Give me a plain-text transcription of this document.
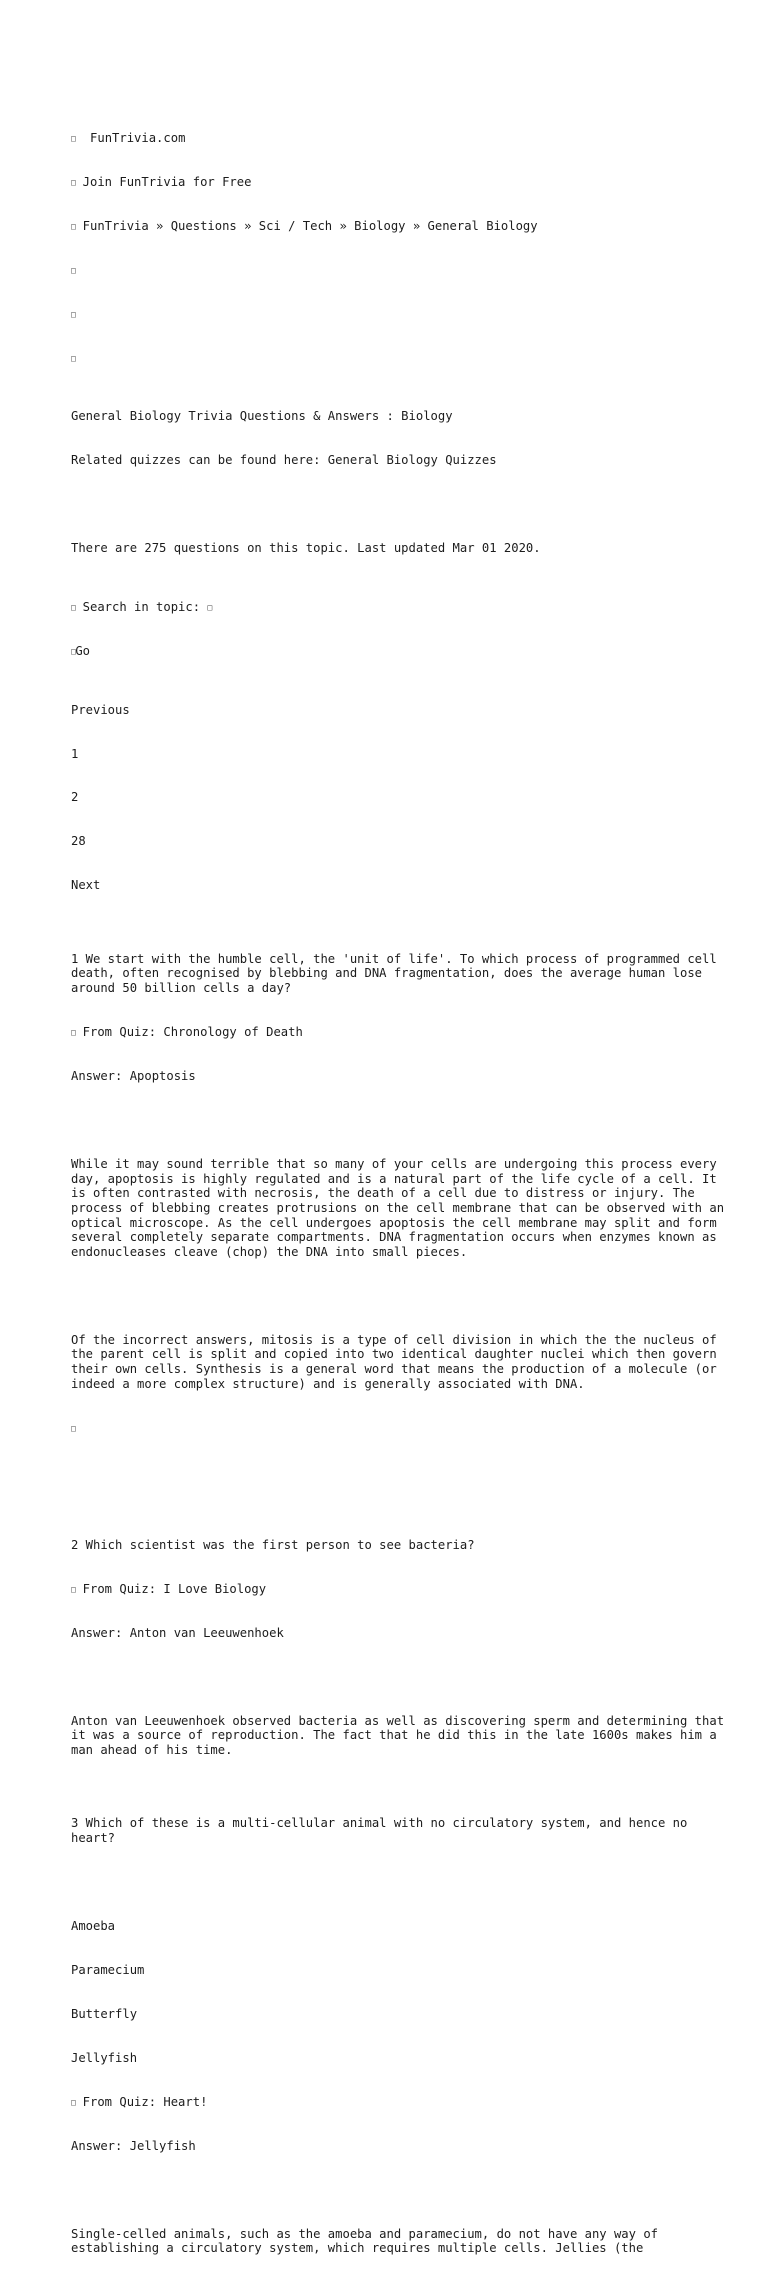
□ FunTrivia.com

□ Join FunTrivia for Free

□ FunTrivia » Questions » Sci / Tech » Biology » General Biology

□

□

□

General Biology Trivia Questions & Answers : Biology

Related quizzes can be found here: General Biology Quizzes

There are 275 questions on this topic. Last updated Mar 01 2020.

□ Search in topic: □

□Go

Previous

1

2

28

Next

1 We start with the humble cell, the 'unit of life'. To which process of programmed cell death, often recognised by blebbing and DNA fragmentation, does the average human lose around 50 billion cells a day?

□ From Quiz: Chronology of Death

Answer: Apoptosis

While it may sound terrible that so many of your cells are undergoing this process every day, apoptosis is highly regulated and is a natural part of the life cycle of a cell. It is often contrasted with necrosis, the death of a cell due to distress or injury. The process of blebbing creates protrusions on the cell membrane that can be observed with an optical microscope. As the cell undergoes apoptosis the cell membrane may split and form several completely separate compartments. DNA fragmentation occurs when enzymes known as endonucleases cleave (chop) the DNA into small pieces.

Of the incorrect answers, mitosis is a type of cell division in which the the nucleus of the parent cell is split and copied into two identical daughter nuclei which then govern their own cells. Synthesis is a general word that means the production of a molecule (or indeed a more complex structure) and is generally associated with DNA.

□

2 Which scientist was the first person to see bacteria?

□ From Quiz: I Love Biology

Answer: Anton van Leeuwenhoek

Anton van Leeuwenhoek observed bacteria as well as discovering sperm and determining that it was a source of reproduction. The fact that he did this in the late 1600s makes him a man ahead of his time.

3 Which of these is a multi-cellular animal with no circulatory system, and hence no heart?

Amoeba

Paramecium

Butterfly

Jellyfish

□ From Quiz: Heart!

Answer: Jellyfish

Single-celled animals, such as the amoeba and paramecium, do not have any way of establishing a circulatory system, which requires multiple cells. Jellies (the
